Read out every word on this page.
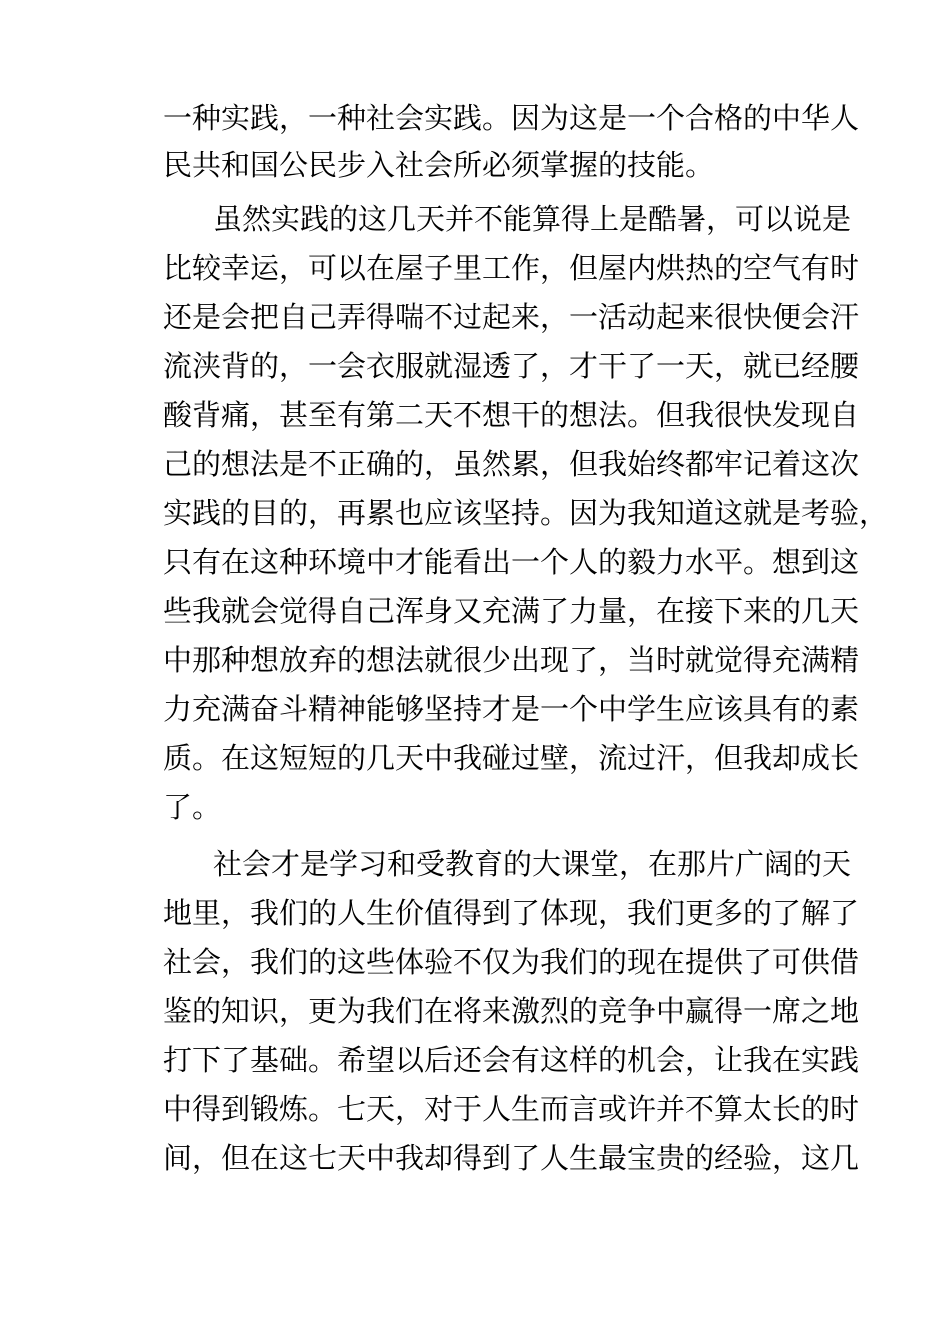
一种实践，一种社会实践。因为这是一个合格的中华人
民共和国公民步入社会所必须掌握的技能。
虽然实践的这几天并不能算得上是酷暑，可以说是
比较幸运，可以在屋子里工作，但屋内烘热的空气有时
还是会把自己弄得喘不过起来，一活动起来很快便会汗
流浃背的，一会衣服就湿透了，才干了一天，就已经腰
酸背痛，甚至有第二天不想干的想法。但我很快发现自
己的想法是不正确的，虽然累，但我始终都牢记着这次
实践的目的，再累也应该坚持。因为我知道这就是考验，
只有在这种环境中才能看出一个人的毅力水平。想到这
些我就会觉得自己浑身又充满了力量，在接下来的几天
中那种想放弃的想法就很少出现了，当时就觉得充满精
力充满奋斗精神能够坚持才是一个中学生应该具有的素
质。在这短短的几天中我碰过壁，流过汗，但我却成长
了。
社会才是学习和受教育的大课堂，在那片广阔的天
地里，我们的人生价值得到了体现，我们更多的了解了
社会，我们的这些体验不仅为我们的现在提供了可供借
鉴的知识，更为我们在将来激烈的竞争中赢得一席之地
打下了基础。希望以后还会有这样的机会，让我在实践
中得到锻炼。七天，对于人生而言或许并不算太长的时
间，但在这七天中我却得到了人生最宝贵的经验，这几
